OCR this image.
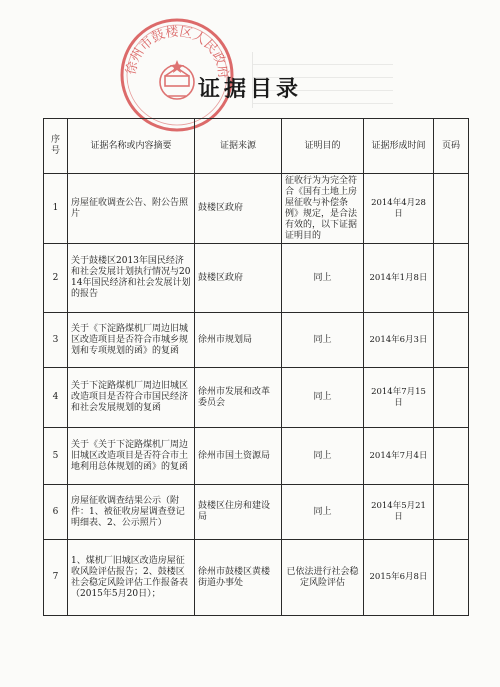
徐州市鼓楼区人民政府
证据目录
序号	证据名称或内容摘要	证据来源	证明目的	证据形成时间	页码
1	房屋征收调查公告、附公告照片	鼓楼区政府	征收行为为完全符合《国有土地上房屋征收与补偿条例》规定，是合法有效的，以下证据证明目的	2014年4月28日	
2	关于鼓楼区2013年国民经济和社会发展计划执行情况与2014年国民经济和社会发展计划的报告	鼓楼区政府	同上	2014年1月8日	
3	关于《下淀路煤机厂周边旧城区改造项目是否符合市城乡规划和专项规划的函》的复函	徐州市规划局	同上	2014年6月3日	
4	关于下淀路煤机厂周边旧城区改造项目是否符合市国民经济和社会发展规划的复函	徐州市发展和改革委员会	同上	2014年7月15日	
5	关于《关于下淀路煤机厂周边旧城区改造项目是否符合市土地利用总体规划的函》的复函	徐州市国土资源局	同上	2014年7月4日	
6	房屋征收调查结果公示（附件：1、被征收房屋调查登记明细表、2、公示照片）	鼓楼区住房和建设局	同上	2014年5月21日	
7	1、煤机厂旧城区改造房屋征收风险评估报告；2、鼓楼区社会稳定风险评估工作报备表（2015年5月20日）；	徐州市鼓楼区黄楼街道办事处	已依法进行社会稳定风险评估	2015年6月8日	
